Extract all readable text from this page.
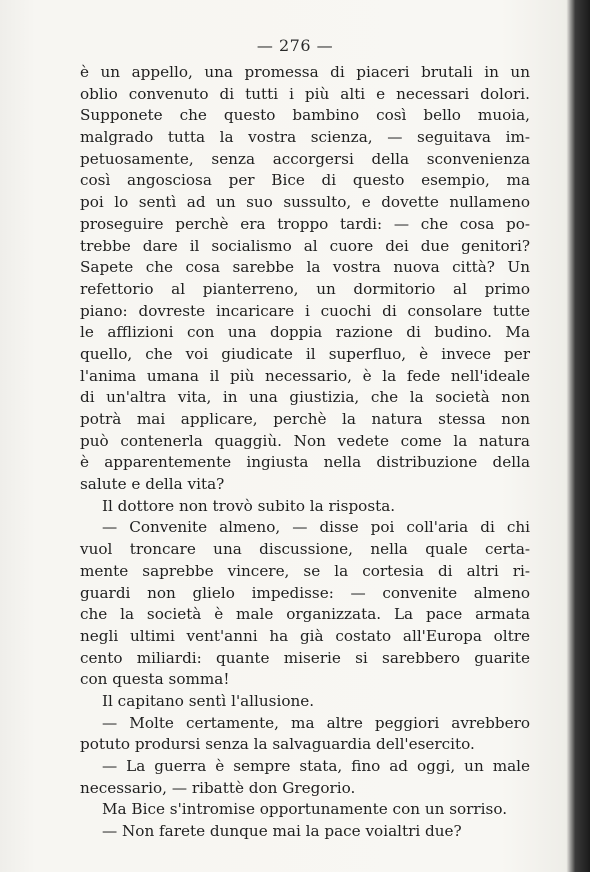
— 276 —
è un appello, una promessa di piaceri brutali in un
oblio convenuto di tutti i più alti e necessari dolori.
Supponete che questo bambino così bello muoia,
malgrado tutta la vostra scienza, — seguitava im-
petuosamente, senza accorgersi della sconvenienza
così angosciosa per Bice di questo esempio, ma
poi lo sentì ad un suo sussulto, e dovette nullameno
proseguire perchè era troppo tardi: — che cosa po-
trebbe dare il socialismo al cuore dei due genitori?
Sapete che cosa sarebbe la vostra nuova città? Un
refettorio al pianterreno, un dormitorio al primo
piano: dovreste incaricare i cuochi di consolare tutte
le afflizioni con una doppia razione di budino. Ma
quello, che voi giudicate il superfluo, è invece per
l'anima umana il più necessario, è la fede nell'ideale
di un'altra vita, in una giustizia, che la società non
potrà mai applicare, perchè la natura stessa non
può contenerla quaggiù. Non vedete come la natura
è apparentemente ingiusta nella distribuzione della
salute e della vita?
Il dottore non trovò subito la risposta.
— Convenite almeno, — disse poi coll'aria di chi
vuol troncare una discussione, nella quale certa-
mente saprebbe vincere, se la cortesia di altri ri-
guardi non glielo impedisse: — convenite almeno
che la società è male organizzata. La pace armata
negli ultimi vent'anni ha già costato all'Europa oltre
cento miliardi: quante miserie si sarebbero guarite
con questa somma!
Il capitano sentì l'allusione.
— Molte certamente, ma altre peggiori avrebbero
potuto prodursi senza la salvaguardia dell'esercito.
— La guerra è sempre stata, fino ad oggi, un male
necessario, — ribattè don Gregorio.
Ma Bice s'intromise opportunamente con un sorriso.
— Non farete dunque mai la pace voialtri due?
